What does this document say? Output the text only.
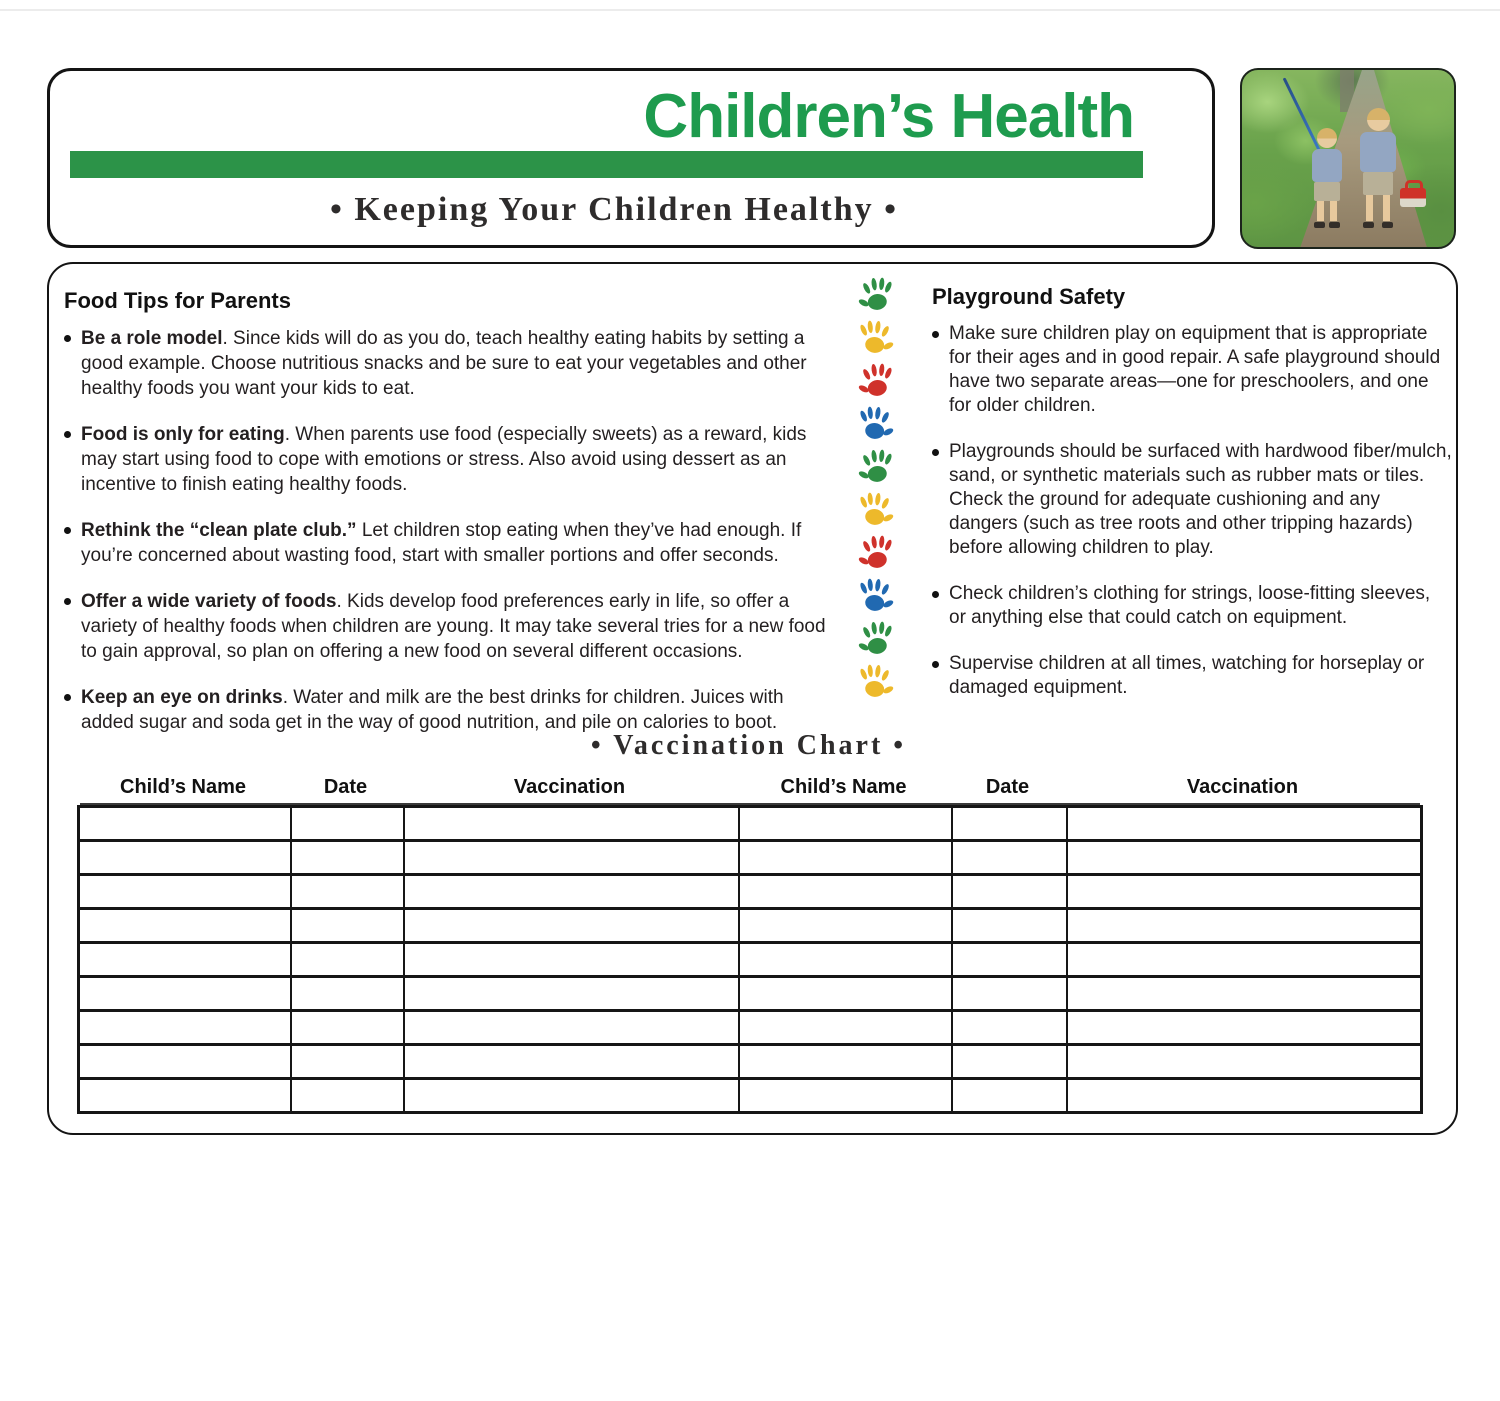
Children’s Health
• Keeping Your Children Healthy •

Food Tips for Parents

Be a role model. Since kids will do as you do, teach healthy eating habits by setting a good example. Choose nutritious snacks and be sure to eat your vegetables and other healthy foods you want your kids to eat.
Food is only for eating. When parents use food (especially sweets) as a reward, kids may start using food to cope with emotions or stress. Also avoid using dessert as an incentive to finish eating healthy foods.
Rethink the “clean plate club.” Let children stop eating when they’ve had enough. If you’re concerned about wasting food, start with smaller portions and offer seconds.
Offer a wide variety of foods. Kids develop food preferences early in life, so offer a variety of healthy foods when children are young. It may take several tries for a new food to gain approval, so plan on offering a new food on several different occasions.
Keep an eye on drinks. Water and milk are the best drinks for children. Juices with added sugar and soda get in the way of good nutrition, and pile on calories to boot.

Playground Safety

Make sure children play on equipment that is appropriate for their ages and in good repair. A safe playground should have two separate areas—one for preschoolers, and one for older children.
Playgrounds should be surfaced with hardwood fiber/mulch, sand, or synthetic materials such as rubber mats or tiles. Check the ground for adequate cushioning and any dangers (such as tree roots and other tripping hazards) before allowing children to play.
Check children’s clothing for strings, loose-fitting sleeves, or anything else that could catch on equipment.
Supervise children at all times, watching for horseplay or damaged equipment.
• Vaccination Chart •
Child’s Name	Date	Vaccination	Child’s Name	Date	Vaccination
